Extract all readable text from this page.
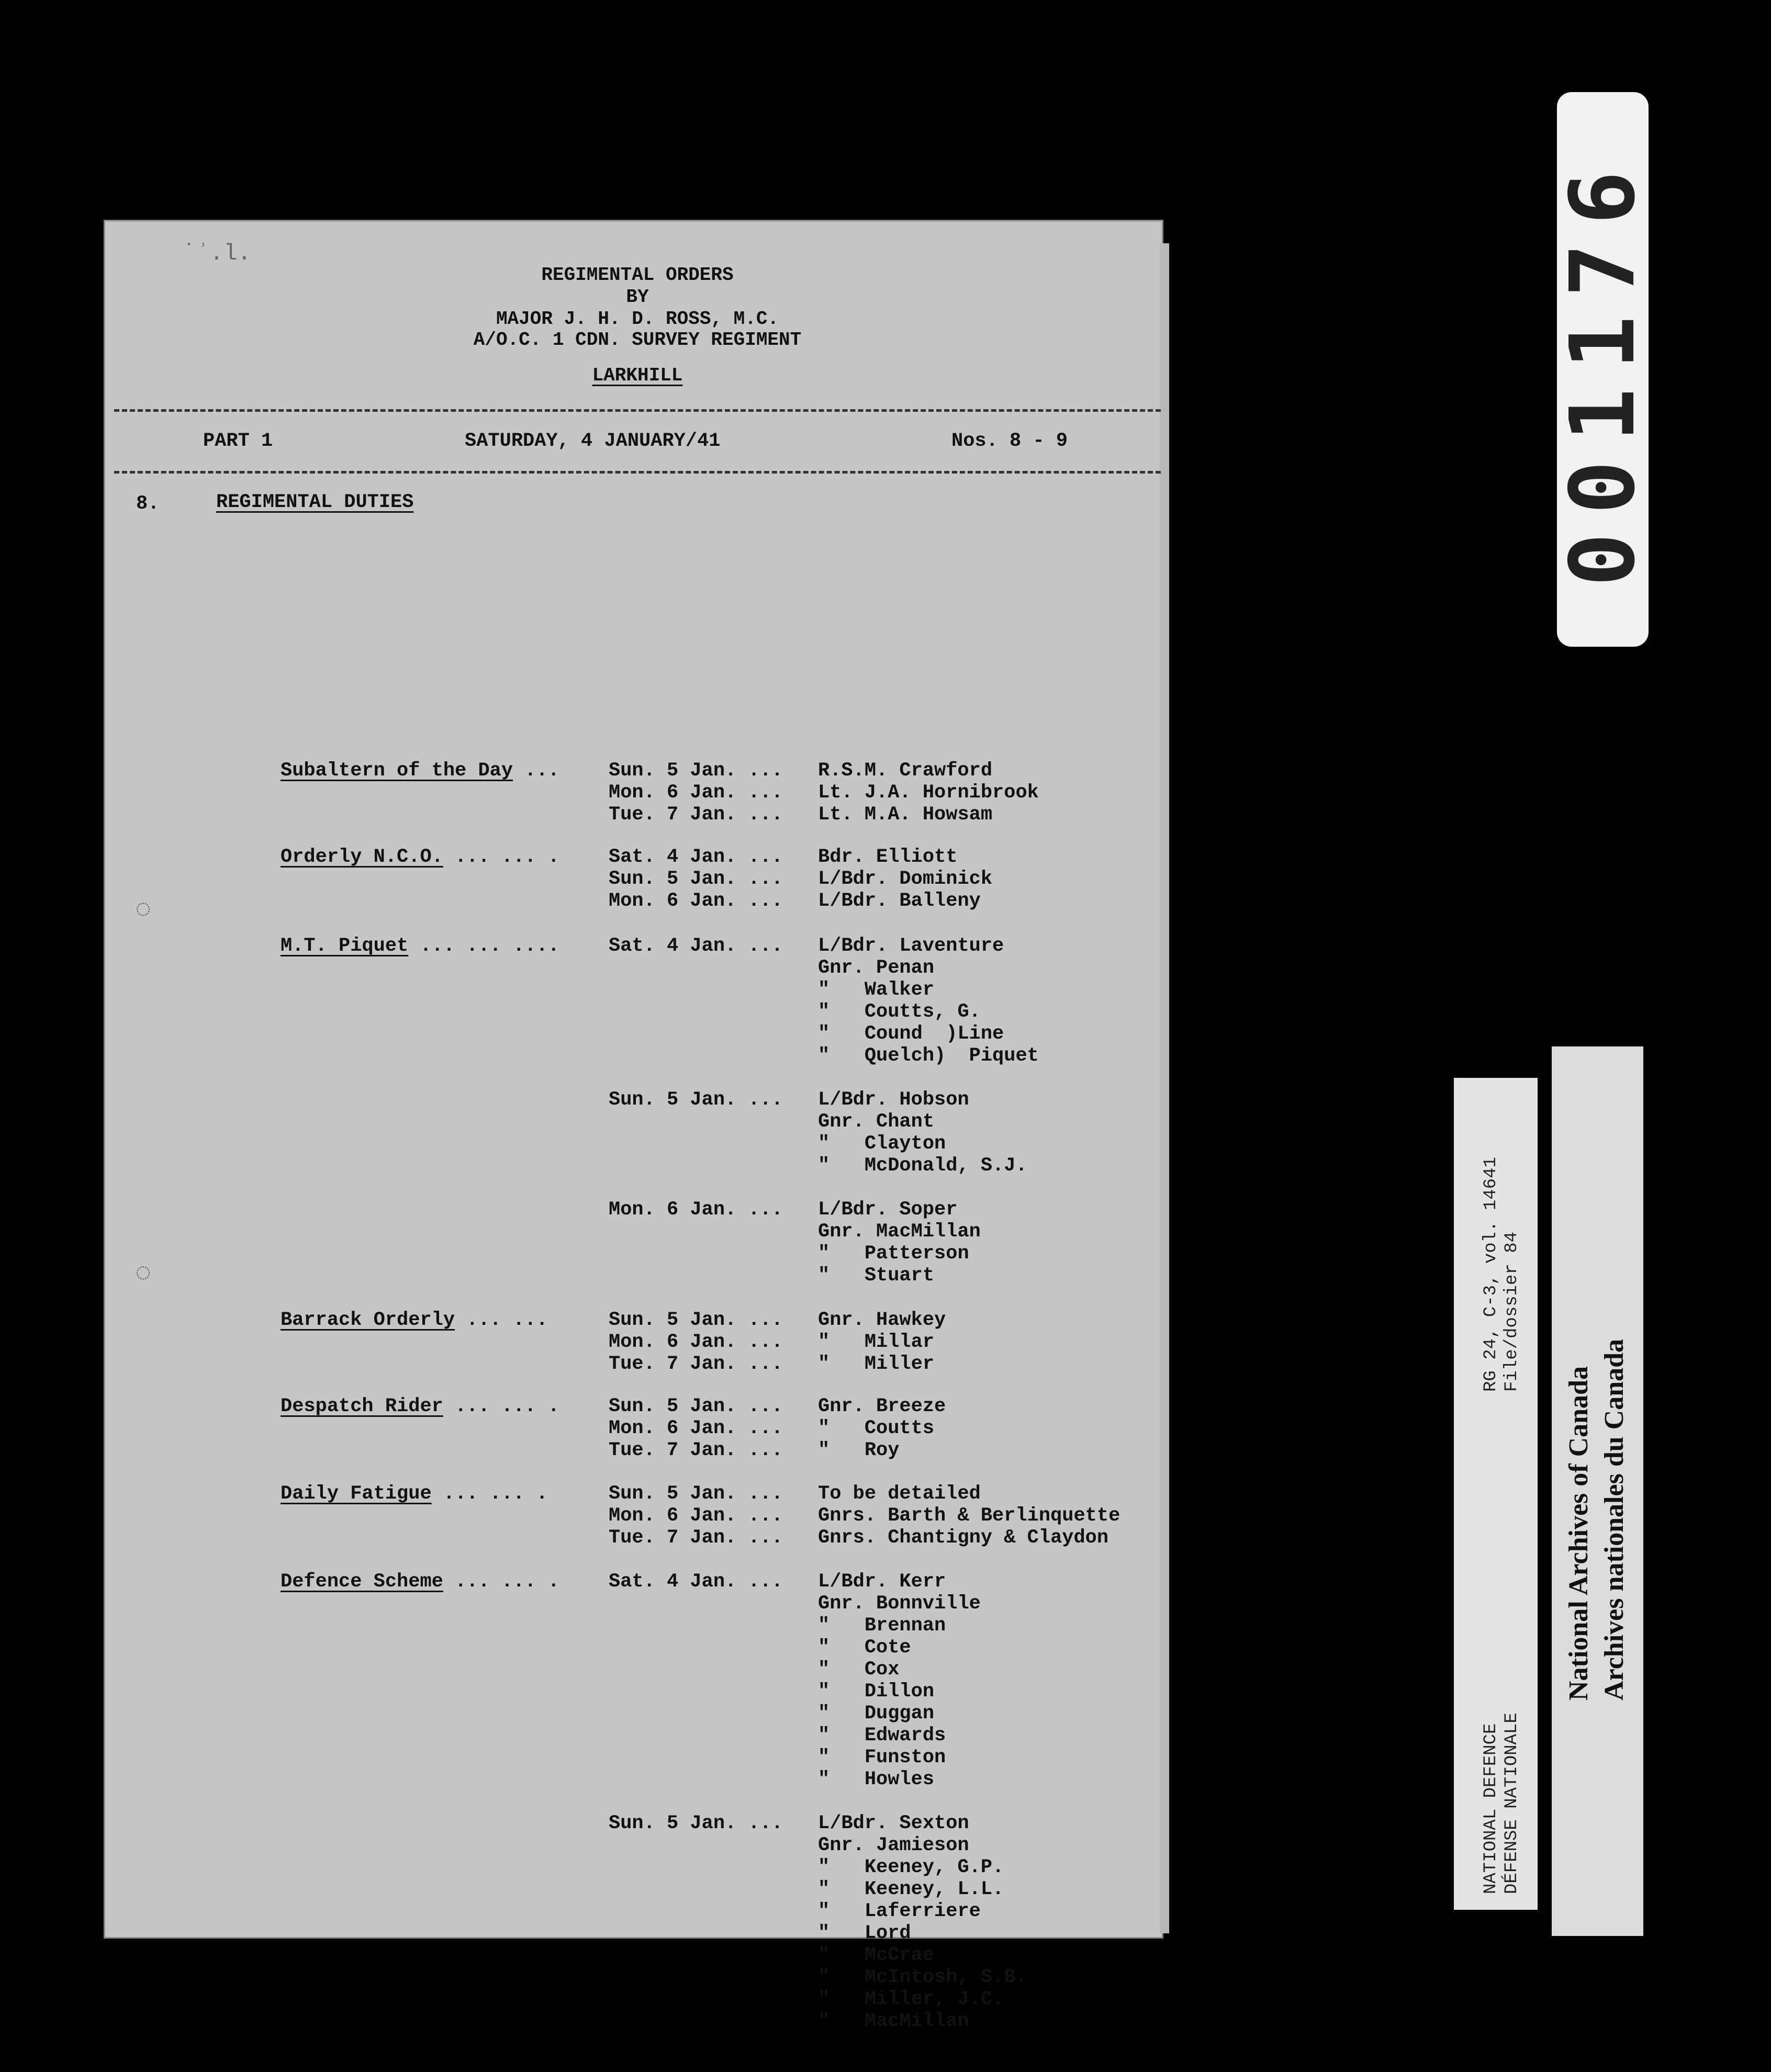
˙ʾ.l.
REGIMENTAL ORDERS
BY
MAJOR J. H. D. ROSS, M.C.
A/O.C. 1 CDN. SURVEY REGIMENT
LARKHILL
PART 1	SATURDAY, 4 JANUARY/41	Nos. 8 - 9
8.	REGIMENTAL DUTIES
Subaltern of the Day ...	Sun. 5 Jan. ... R.S.M. Crawford
Mon. 6 Jan. ... Lt. J.A. Hornibrook
Tue. 7 Jan. ... Lt. M.A. Howsam
Orderly N.C.O. ... ... .	Sat. 4 Jan. ... Bdr. Elliott
Sun. 5 Jan. ... L/Bdr. Dominick
Mon. 6 Jan. ... L/Bdr. Balleny
M.T. Piquet ... ... ....	Sat. 4 Jan. ... L/Bdr. Laventure
Gnr. Penan
"   Walker
"   Coutts, G.
"   Cound  )Line
"   Quelch)  Piquet
Sun. 5 Jan. ... L/Bdr. Hobson
Gnr. Chant
"   Clayton
"   McDonald, S.J.
Mon. 6 Jan. ... L/Bdr. Soper
Gnr. MacMillan
"   Patterson
"   Stuart
Barrack Orderly ... ...	Sun. 5 Jan. ... Gnr. Hawkey
Mon. 6 Jan. ... "   Millar
Tue. 7 Jan. ... "   Miller
Despatch Rider ... ... .	Sun. 5 Jan. ... Gnr. Breeze
Mon. 6 Jan. ... "   Coutts
Tue. 7 Jan. ... "   Roy
Daily Fatigue ... ... .	Sun. 5 Jan. ... To be detailed
Mon. 6 Jan. ... Gnrs. Barth & Berlinquette
Tue. 7 Jan. ... Gnrs. Chantigny & Claydon
Defence Scheme ... ... .	Sat. 4 Jan. ... L/Bdr. Kerr
Gnr. Bonnville
"   Brennan
"   Cote
"   Cox
"   Dillon
"   Duggan
"   Edwards
"   Funston
"   Howles
Sun. 5 Jan. ... L/Bdr. Sexton
Gnr. Jamieson
"   Keeney, G.P.
"   Keeney, L.L.
"   Laferriere
"   Lord
"   McCrae
"   McIntosh, S.B.
"   Miller, J.C.
"   MacMillan
◌
◌
001176
RG 24, C-3, vol. 14641 File/dossier 84
NATIONAL DEFENCE DÉFENSE NATIONALE
National Archives of Canada Archives nationales du Canada
